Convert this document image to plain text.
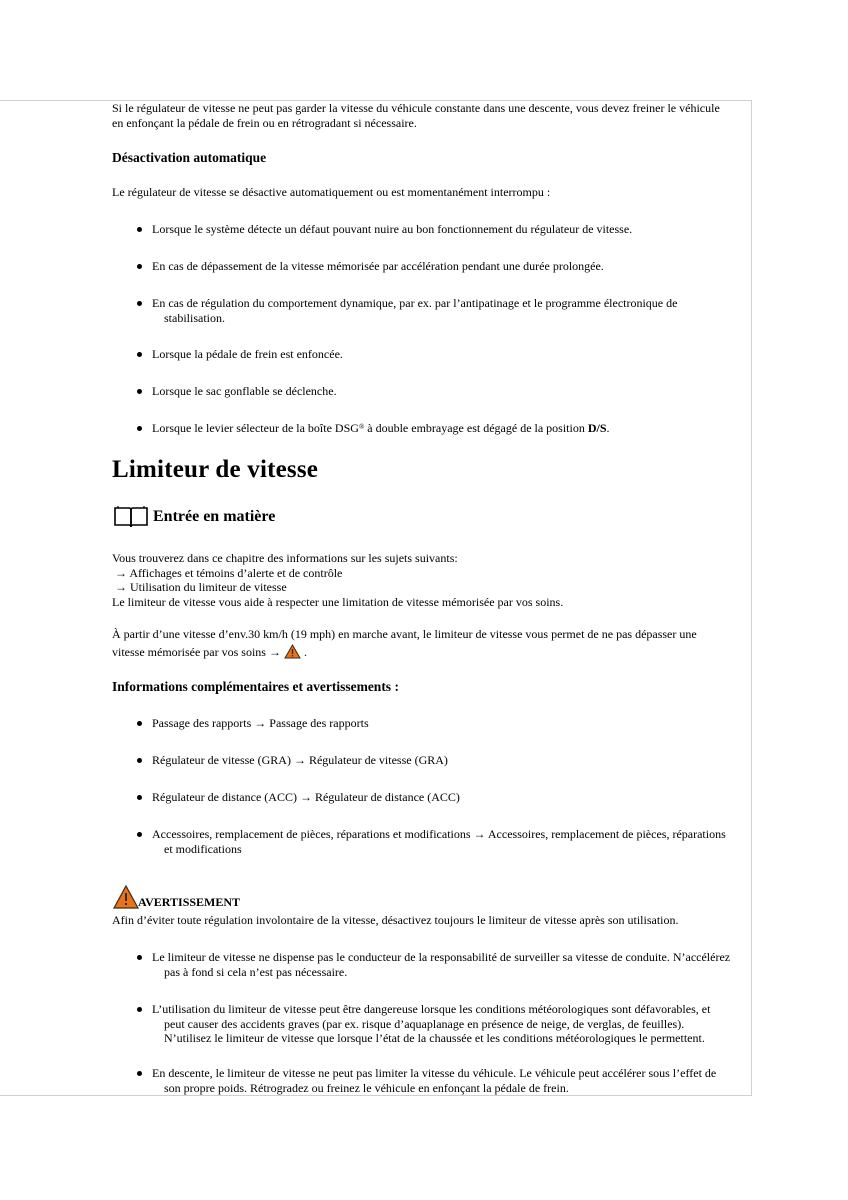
Si le régulateur de vitesse ne peut pas garder la vitesse du véhicule constante dans une descente, vous devez freiner le véhicule
en enfonçant la pédale de frein ou en rétrogradant si nécessaire.
Désactivation automatique
Le régulateur de vitesse se désactive automatiquement ou est momentanément interrompu :
Lorsque le système détecte un défaut pouvant nuire au bon fonctionnement du régulateur de vitesse.
En cas de dépassement de la vitesse mémorisée par accélération pendant une durée prolongée.
En cas de régulation du comportement dynamique, par ex. par l’antipatinage et le programme électronique de
stabilisation.
Lorsque la pédale de frein est enfoncée.
Lorsque le sac gonflable se déclenche.
Lorsque le levier sélecteur de la boîte DSG® à double embrayage est dégagé de la position D/S.
Limiteur de vitesse
Entrée en matière
Vous trouverez dans ce chapitre des informations sur les sujets suivants:
→ Affichages et témoins d’alerte et de contrôle
→ Utilisation du limiteur de vitesse
Le limiteur de vitesse vous aide à respecter une limitation de vitesse mémorisée par vos soins.
À partir d’une vitesse d’env.30 km/h (19 mph) en marche avant, le limiteur de vitesse vous permet de ne pas dépasser une
vitesse mémorisée par vos soins →  .
Informations complémentaires et avertissements :
Passage des rapports → Passage des rapports
Régulateur de vitesse (GRA) → Régulateur de vitesse (GRA)
Régulateur de distance (ACC) → Régulateur de distance (ACC)
Accessoires, remplacement de pièces, réparations et modifications → Accessoires, remplacement de pièces, réparations
et modifications
AVERTISSEMENT
Afin d’éviter toute régulation involontaire de la vitesse, désactivez toujours le limiteur de vitesse après son utilisation.
Le limiteur de vitesse ne dispense pas le conducteur de la responsabilité de surveiller sa vitesse de conduite. N’accélérez
pas à fond si cela n’est pas nécessaire.
L’utilisation du limiteur de vitesse peut être dangereuse lorsque les conditions météorologiques sont défavorables, et
peut causer des accidents graves (par ex. risque d’aquaplanage en présence de neige, de verglas, de feuilles).
N’utilisez le limiteur de vitesse que lorsque l’état de la chaussée et les conditions météorologiques le permettent.
En descente, le limiteur de vitesse ne peut pas limiter la vitesse du véhicule. Le véhicule peut accélérer sous l’effet de
son propre poids. Rétrogradez ou freinez le véhicule en enfonçant la pédale de frein.
